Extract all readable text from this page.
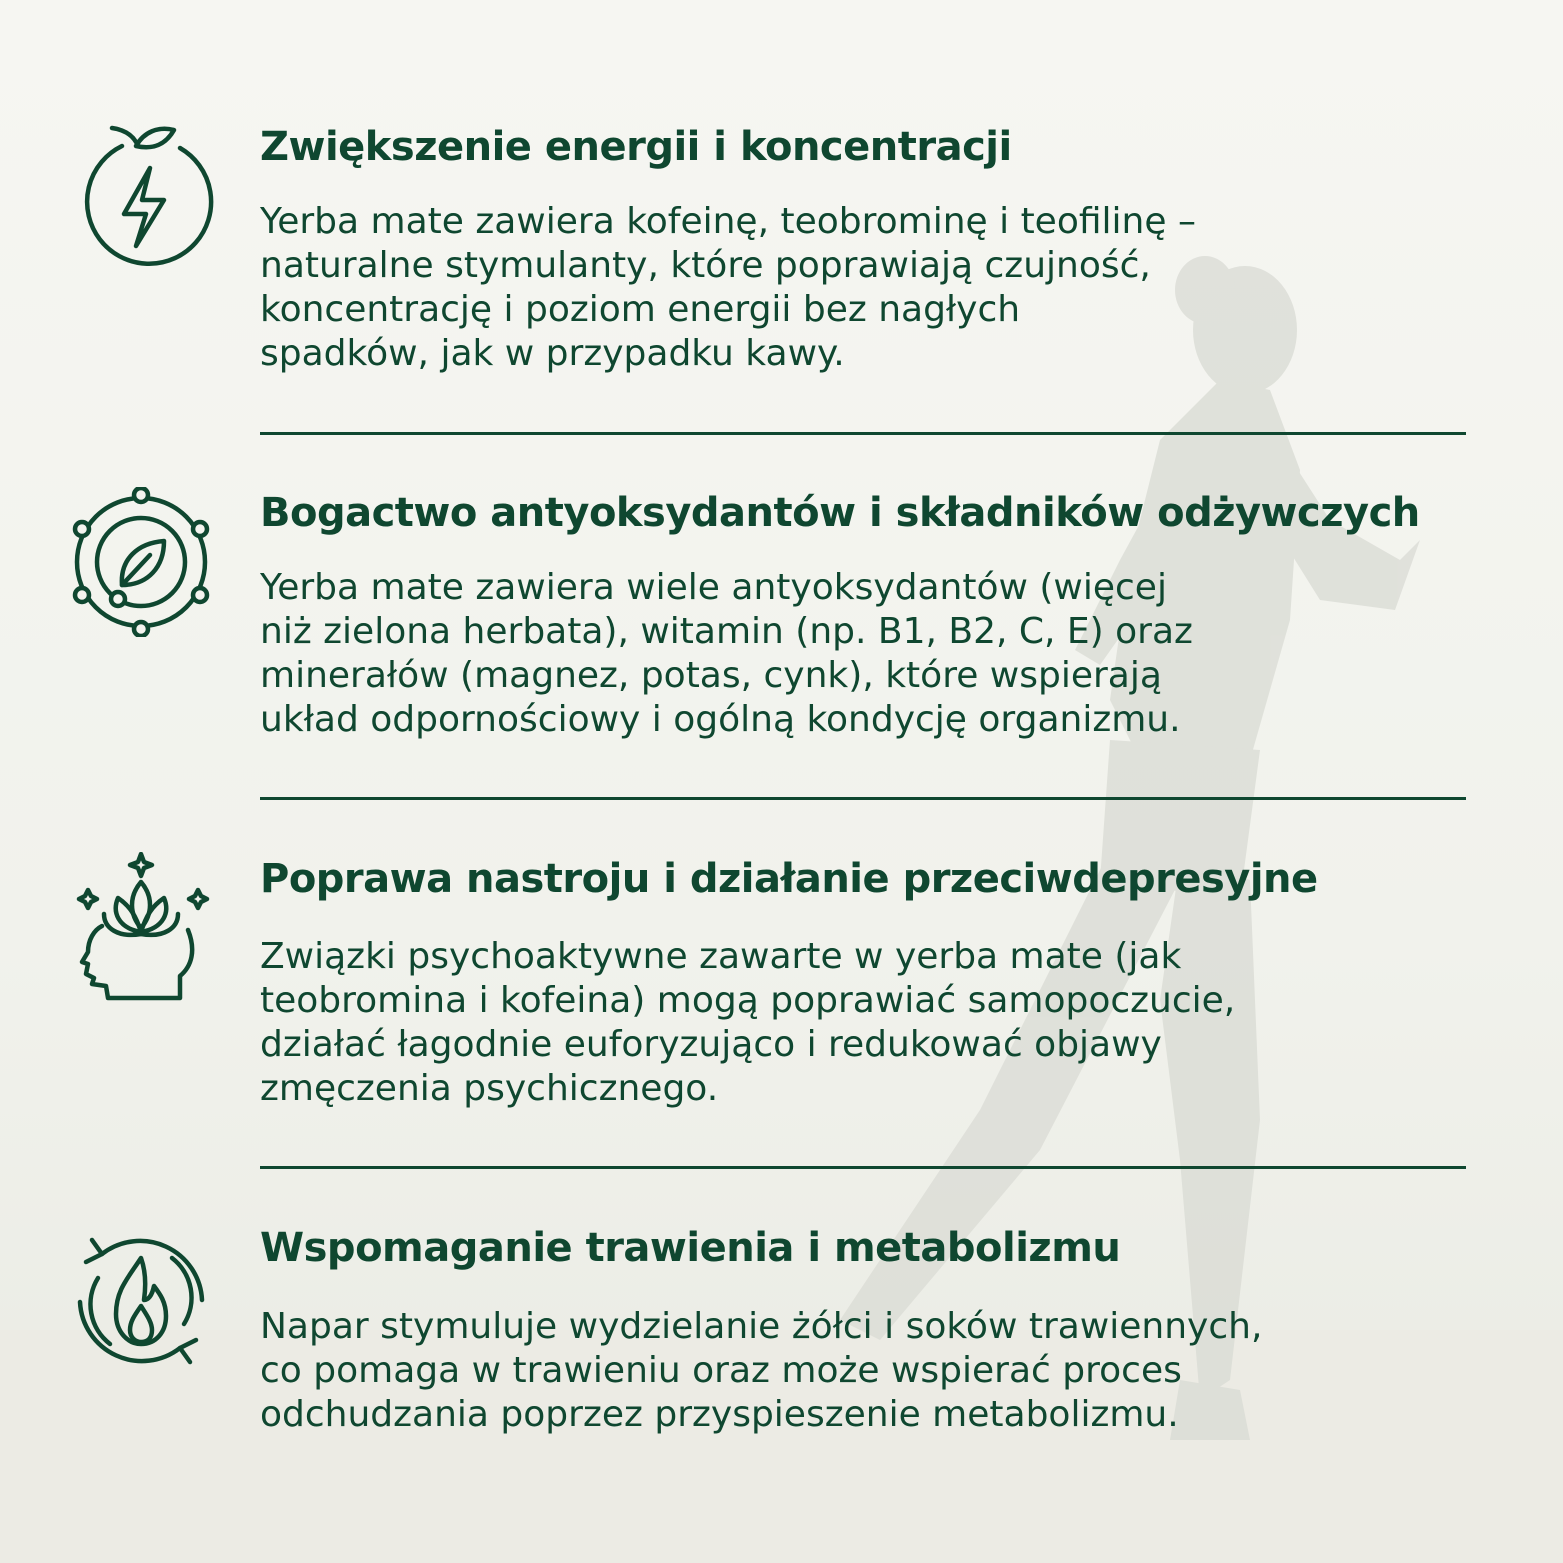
Zwiększenie energii i koncentracji

Yerba mate zawiera kofeinę, teobrominę i teofilinę –
naturalne stymulanty, które poprawiają czujność,
koncentrację i poziom energii bez nagłych
spadków, jak w przypadku kawy.

Bogactwo antyoksydantów i składników odżywczych

Yerba mate zawiera wiele antyoksydantów (więcej
niż zielona herbata), witamin (np. B1, B2, C, E) oraz
minerałów (magnez, potas, cynk), które wspierają
układ odpornościowy i ogólną kondycję organizmu.

Poprawa nastroju i działanie przeciwdepresyjne

Związki psychoaktywne zawarte w yerba mate (jak
teobromina i kofeina) mogą poprawiać samopoczucie,
działać łagodnie euforyzująco i redukować objawy
zmęczenia psychicznego.

Wspomaganie trawienia i metabolizmu

Napar stymuluje wydzielanie żółci i soków trawiennych,
co pomaga w trawieniu oraz może wspierać proces
odchudzania poprzez przyspieszenie metabolizmu.
